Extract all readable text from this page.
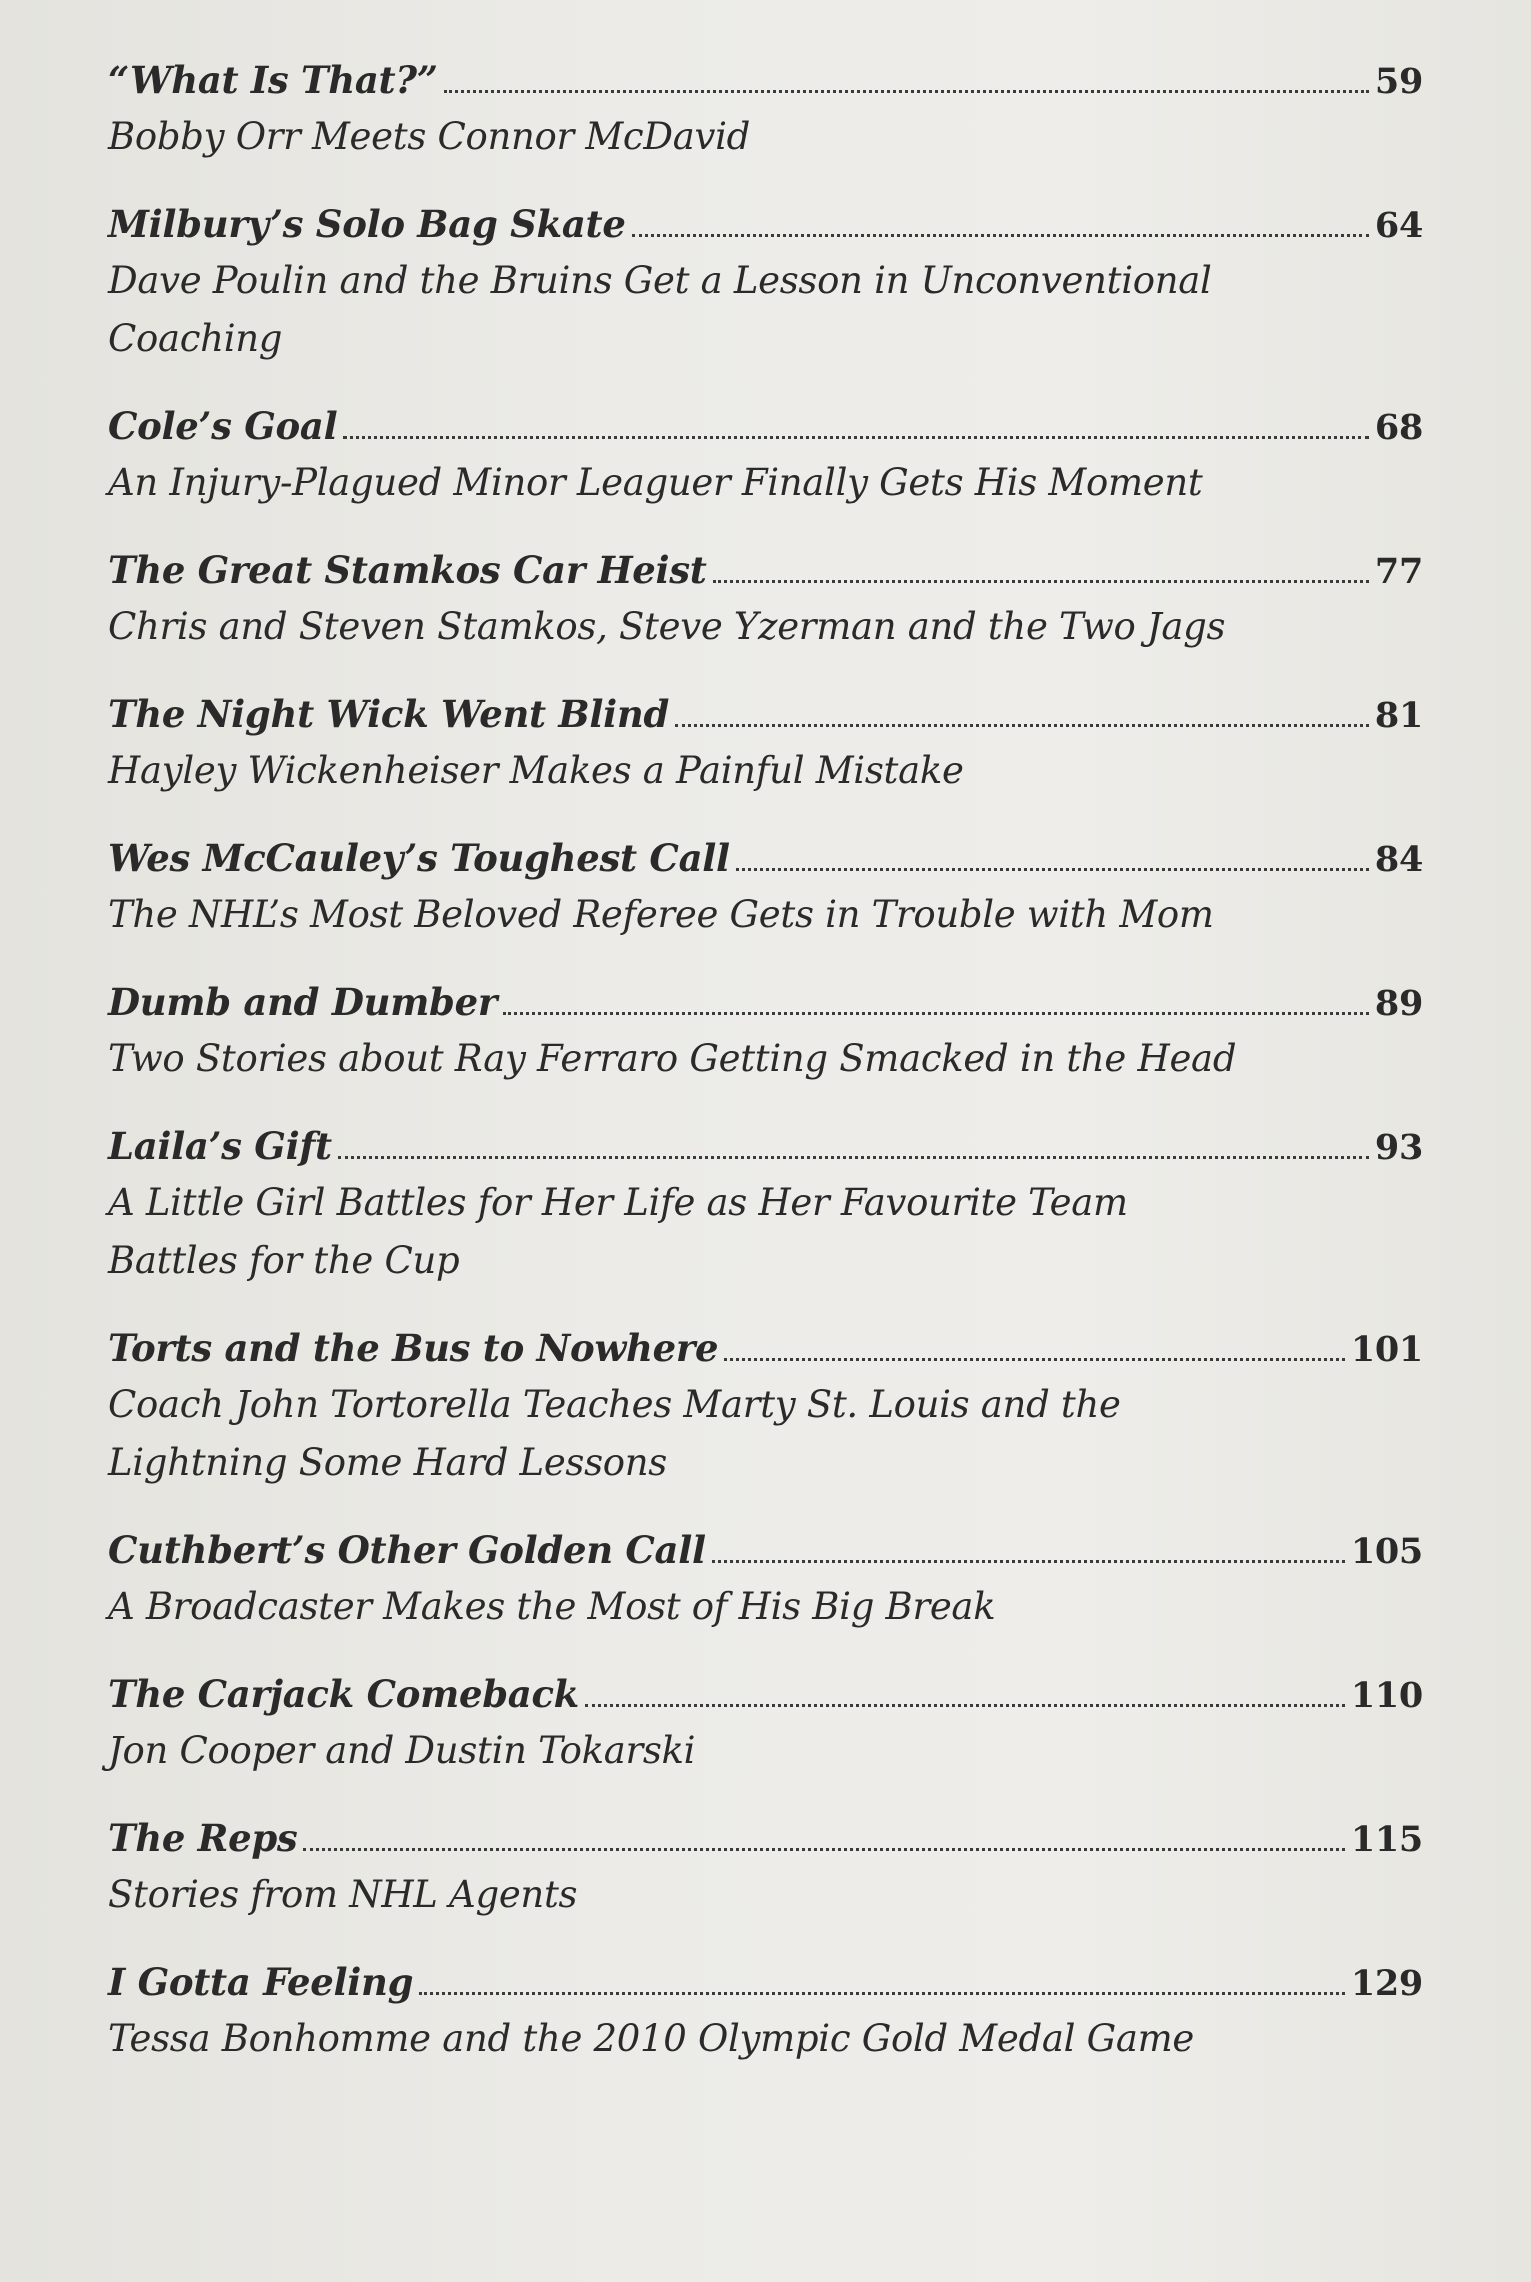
“What Is That?”	59
Bobby Orr Meets Connor McDavid
Milbury’s Solo Bag Skate	64
Dave Poulin and the Bruins Get a Lesson in Unconventional Coaching
Cole’s Goal	68
An Injury-Plagued Minor Leaguer Finally Gets His Moment
The Great Stamkos Car Heist	77
Chris and Steven Stamkos, Steve Yzerman and the Two Jags
The Night Wick Went Blind	81
Hayley Wickenheiser Makes a Painful Mistake
Wes McCauley’s Toughest Call	84
The NHL’s Most Beloved Referee Gets in Trouble with Mom
Dumb and Dumber	89
Two Stories about Ray Ferraro Getting Smacked in the Head
Laila’s Gift	93
A Little Girl Battles for Her Life as Her Favourite Team Battles for the Cup
Torts and the Bus to Nowhere	101
Coach John Tortorella Teaches Marty St. Louis and the Lightning Some Hard Lessons
Cuthbert’s Other Golden Call	105
A Broadcaster Makes the Most of His Big Break
The Carjack Comeback	110
Jon Cooper and Dustin Tokarski
The Reps	115
Stories from NHL Agents
I Gotta Feeling	129
Tessa Bonhomme and the 2010 Olympic Gold Medal Game
